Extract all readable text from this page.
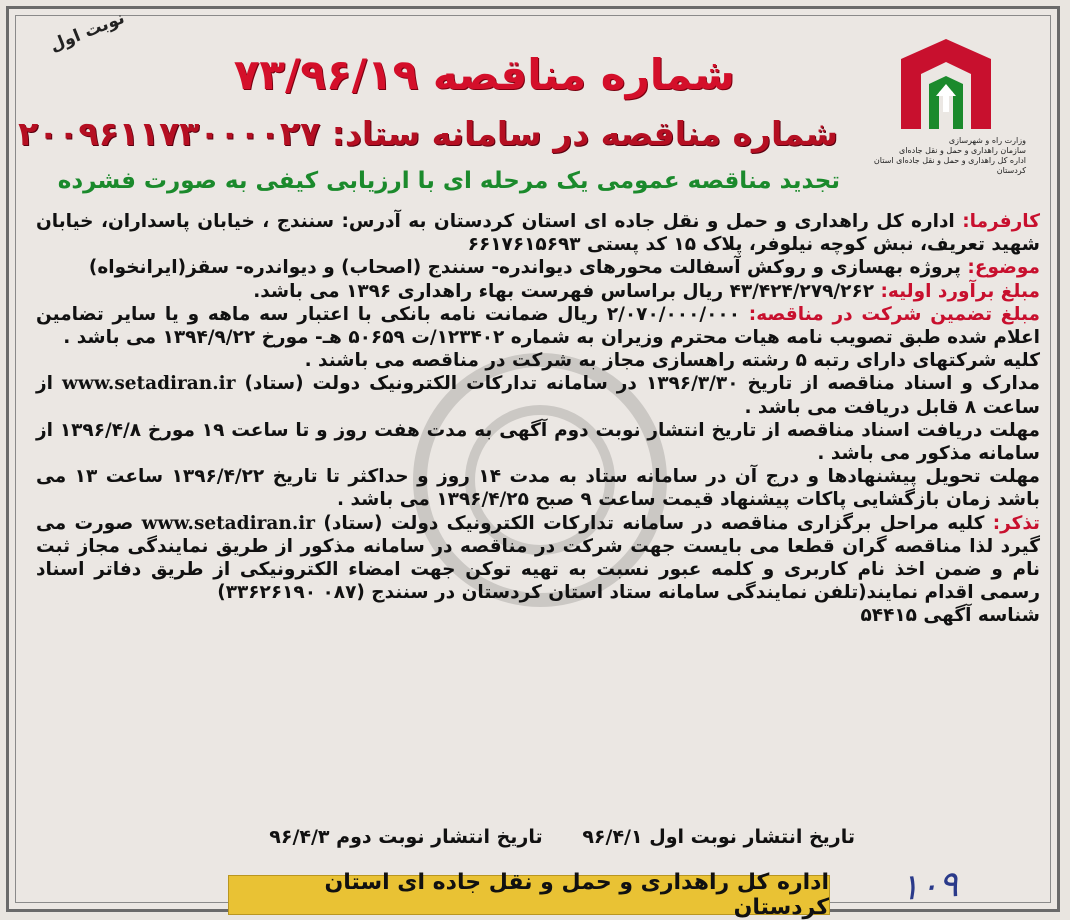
نوبت اول
وزارت راه و شهرسازی
سازمان راهداری و حمل و نقل جاده‌ای
اداره کل راهداری و حمل و نقل جاده‌ای استان کردستان
شماره مناقصه ۷۳/۹۶/۱۹
شماره مناقصه در سامانه ستاد: ۲۰۰۹۶۱۱۷۳۰۰۰۰۲۷
تجدید مناقصه عمومی یک مرحله ای با ارزیابی کیفی به صورت فشرده

کارفرما: اداره کل راهداری و حمل و نقل جاده ای استان کردستان به آدرس: سنندج ، خیابان پاسداران، خیابان شهید تعریف، نبش کوچه نیلوفر، پلاک ۱۵ کد پستی ۶۶۱۷۶۱۵۶۹۳

موضوع: پروژه بهسازی و روکش آسفالت محورهای دیواندره- سنندج (اصحاب) و دیواندره- سقز(ایرانخواه)

مبلغ برآورد اولیه: ۴۳/۴۲۴/۲۷۹/۲۶۲ ریال براساس فهرست بهاء راهداری ۱۳۹۶ می باشد.

مبلغ تضمین شرکت در مناقصه: ۲/۰۷۰/۰۰۰/۰۰۰ ریال ضمانت نامه بانکی با اعتبار سه ماهه و یا سایر تضامین اعلام شده طبق تصویب نامه هیات محترم وزیران به شماره ۱۲۳۴۰۲/ت ۵۰۶۵۹ هـ- مورخ ۱۳۹۴/۹/۲۲ می باشد .

کلیه شرکتهای دارای رتبه ۵ رشته راهسازی مجاز به شرکت در مناقصه می باشند .

مدارک و اسناد مناقصه از تاریخ ۱۳۹۶/۳/۳۰ در سامانه تدارکات الکترونیک دولت (ستاد) www.setadiran.ir از ساعت ۸ قابل دریافت می باشد .

مهلت دریافت اسناد مناقصه از تاریخ انتشار نوبت دوم آگهی به مدت هفت روز و تا ساعت ۱۹ مورخ ۱۳۹۶/۴/۸ از سامانه مذکور می باشد .

مهلت تحویل پیشنهادها و درج آن در سامانه ستاد به مدت ۱۴ روز و حداکثر تا تاریخ ۱۳۹۶/۴/۲۲ ساعت ۱۳ می باشد زمان بازگشایی پاکات پیشنهاد قیمت ساعت ۹ صبح ۱۳۹۶/۴/۲۵ می باشد .

تذکر: کلیه مراحل برگزاری مناقصه در سامانه تدارکات الکترونیک دولت (ستاد) www.setadiran.ir صورت می گیرد لذا مناقصه گران قطعا می بایست جهت شرکت در مناقصه در سامانه مذکور از طریق نمایندگی مجاز ثبت نام و ضمن اخذ نام کاربری و کلمه عبور نسبت به تهیه توکن جهت امضاء الکترونیکی از طریق دفاتر اسناد رسمی اقدام نمایند(تلفن نمایندگی سامانه ستاد استان کردستان در سنندج (۰۸۷ ۳۳۶۲۶۱۹۰)

شناسه آگهی ۵۴۴۱۵

تاریخ انتشار نوبت اول ۹۶/۴/۱      تاریخ انتشار نوبت دوم ۹۶/۴/۳
اداره کل راهداری و حمل و نقل جاده ای استان کردستان ۱۰۹
